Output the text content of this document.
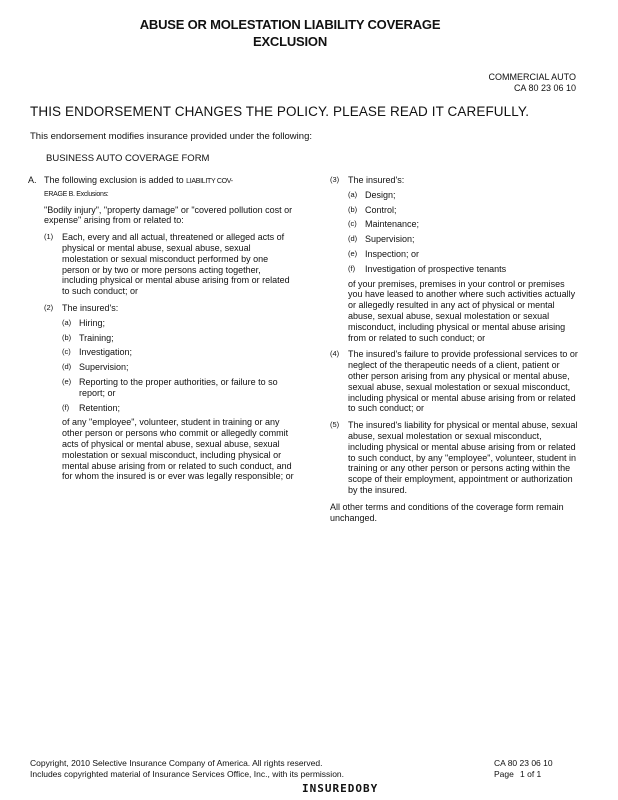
ABUSE OR MOLESTATION LIABILITY COVERAGE
EXCLUSION
COMMERCIAL AUTO
CA 80 23 06 10
THIS ENDORSEMENT CHANGES THE POLICY. PLEASE READ IT CAREFULLY.
This endorsement modifies insurance provided under the following:
BUSINESS AUTO COVERAGE FORM
A. The following exclusion is added to LIABILITY COV-
ERAGE B. Exclusions:
"Bodily injury", "property damage" or "covered pollution cost or expense" arising from or related to:
(1) Each, every and all actual, threatened or alleged acts of physical or mental abuse, sexual abuse, sexual molestation or sexual misconduct performed by one person or by two or more persons acting together, including physical or mental abuse arising from or related to such conduct; or
(2) The insured's:
(a) Hiring;
(b) Training;
(c) Investigation;
(d) Supervision;
(e) Reporting to the proper authorities, or failure to so report; or
(f)	Retention;
of any "employee", volunteer, student in training or any other person or persons who commit or allegedly commit acts of physical or mental abuse, sexual abuse, sexual molestation or sexual misconduct, including physical or mental abuse arising from or related to such conduct, and for whom the insured is or ever was legally responsible; or
(3) The insured's:
(a) Design;
(b) Control;
(c) Maintenance;
(d) Supervision;
(e) Inspection; or
(f)	Investigation of prospective tenants
of your premises, premises in your control or premises you have leased to another where such activities actually or allegedly resulted in any act of physical or mental abuse, sexual abuse, sexual molestation or sexual misconduct, including physical or mental abuse arising from or related to such conduct; or
(4) The insured's failure to provide professional services to or neglect of the therapeutic needs of a client, patient or other person arising from any physical or mental abuse, sexual abuse, sexual molestation or sexual misconduct, including physical or mental abuse arising from or related to such conduct; or
(5) The insured's liability for physical or mental abuse, sexual abuse, sexual molestation or sexual misconduct, including physical or mental abuse arising from or related to such conduct, by any "employee", volunteer, student in training or any other person or persons acting within the scope of their employment, appointment or authorization by the insured.
All other terms and conditions of the coverage form remain unchanged.
Copyright, 2010 Selective Insurance Company of America. All rights reserved.
Includes copyrighted material of Insurance Services Office, Inc., with its permission.
CA 80 23 06 10
Page 1 of 1
INSUREDOBY
